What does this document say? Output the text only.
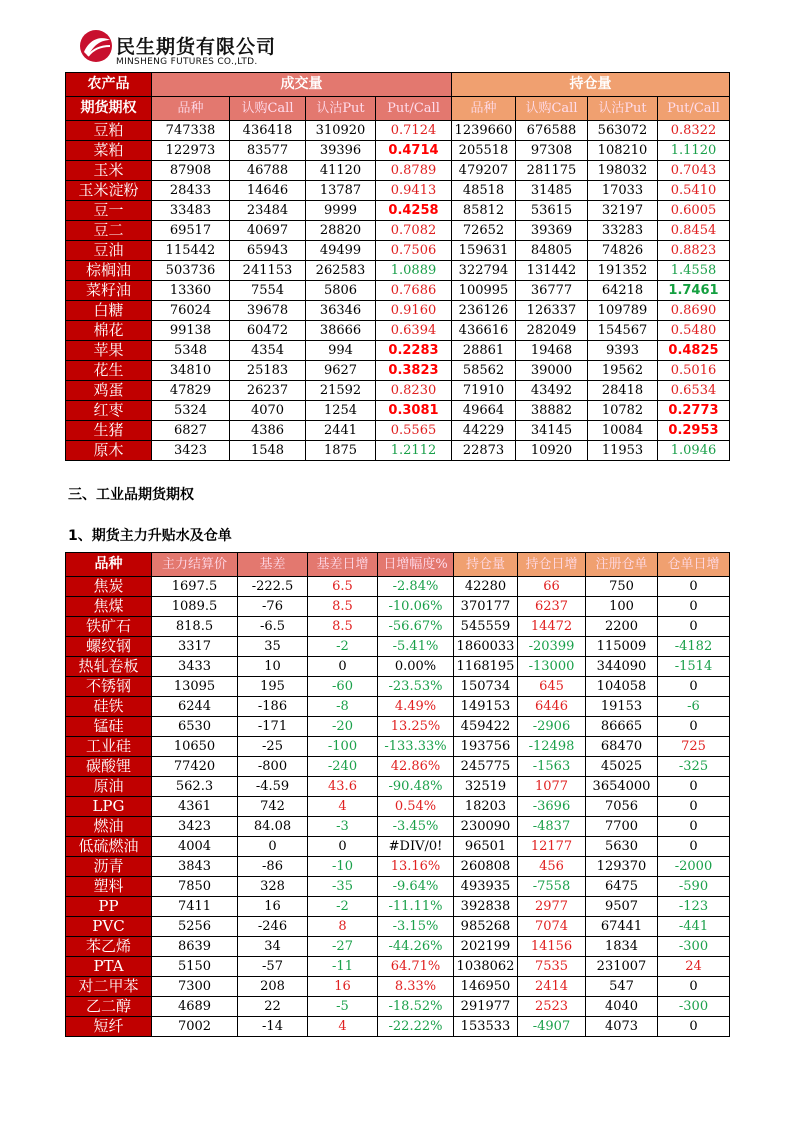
民生期货有限公司
MINSHENG FUTURES CO.,LTD.
农产品	成交量				持仓量			
期货期权	品种	认购Call	认沽Put	Put/Call	品种	认购Call	认沽Put	Put/Call
豆粕	747338	436418	310920	0.7124	1239660	676588	563072	0.8322
菜粕	122973	83577	39396	0.4714	205518	97308	108210	1.1120
玉米	87908	46788	41120	0.8789	479207	281175	198032	0.7043
玉米淀粉	28433	14646	13787	0.9413	48518	31485	17033	0.5410
豆一	33483	23484	9999	0.4258	85812	53615	32197	0.6005
豆二	69517	40697	28820	0.7082	72652	39369	33283	0.8454
豆油	115442	65943	49499	0.7506	159631	84805	74826	0.8823
棕榈油	503736	241153	262583	1.0889	322794	131442	191352	1.4558
菜籽油	13360	7554	5806	0.7686	100995	36777	64218	1.7461
白糖	76024	39678	36346	0.9160	236126	126337	109789	0.8690
棉花	99138	60472	38666	0.6394	436616	282049	154567	0.5480
苹果	5348	4354	994	0.2283	28861	19468	9393	0.4825
花生	34810	25183	9627	0.3823	58562	39000	19562	0.5016
鸡蛋	47829	26237	21592	0.8230	71910	43492	28418	0.6534
红枣	5324	4070	1254	0.3081	49664	38882	10782	0.2773
生猪	6827	4386	2441	0.5565	44229	34145	10084	0.2953
原木	3423	1548	1875	1.2112	22873	10920	11953	1.0946
三、工业品期货期权
1、期货主力升贴水及仓单
品种	主力结算价	基差	基差日增	日增幅度%	持仓量	持仓日增	注册仓单	仓单日增
焦炭	1697.5	-222.5	6.5	-2.84%	42280	66	750	0
焦煤	1089.5	-76	8.5	-10.06%	370177	6237	100	0
铁矿石	818.5	-6.5	8.5	-56.67%	545559	14472	2200	0
螺纹钢	3317	35	-2	-5.41%	1860033	-20399	115009	-4182
热轧卷板	3433	10	0	0.00%	1168195	-13000	344090	-1514
不锈钢	13095	195	-60	-23.53%	150734	645	104058	0
硅铁	6244	-186	-8	4.49%	149153	6446	19153	-6
锰硅	6530	-171	-20	13.25%	459422	-2906	86665	0
工业硅	10650	-25	-100	-133.33%	193756	-12498	68470	725
碳酸锂	77420	-800	-240	42.86%	245775	-1563	45025	-325
原油	562.3	-4.59	43.6	-90.48%	32519	1077	3654000	0
LPG	4361	742	4	0.54%	18203	-3696	7056	0
燃油	3423	84.08	-3	-3.45%	230090	-4837	7700	0
低硫燃油	4004	0	0	#DIV/0!	96501	12177	5630	0
沥青	3843	-86	-10	13.16%	260808	456	129370	-2000
塑料	7850	328	-35	-9.64%	493935	-7558	6475	-590
PP	7411	16	-2	-11.11%	392838	2977	9507	-123
PVC	5256	-246	8	-3.15%	985268	7074	67441	-441
苯乙烯	8639	34	-27	-44.26%	202199	14156	1834	-300
PTA	5150	-57	-11	64.71%	1038062	7535	231007	24
对二甲苯	7300	208	16	8.33%	146950	2414	547	0
乙二醇	4689	22	-5	-18.52%	291977	2523	4040	-300
短纤	7002	-14	4	-22.22%	153533	-4907	4073	0
